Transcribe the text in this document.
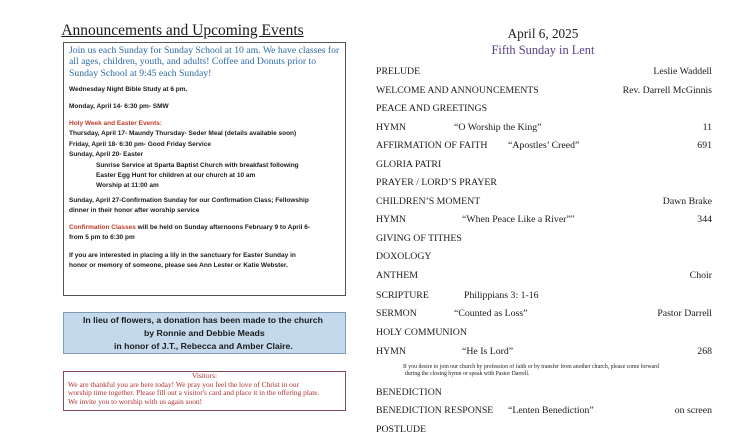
Announcements and Upcoming Events
Join us each Sunday for Sunday School at 10 am. We have classes for
all ages, children, youth, and adults! Coffee and Donuts prior to
Sunday School at 9:45 each Sunday!
Wednesday Night Bible Study at 6 pm.
Monday, April 14- 6:30 pm- SMW
Holy Week and Easter Events:
Thursday, April 17- Maundy Thursday- Seder Meal (details available soon)
Friday, April 18- 6:30 pm- Good Friday Service
Sunday, April 20- Easter
Sunrise Service at Sparta Baptist Church with breakfast following
Easter Egg Hunt for children at our church at 10 am
Worship at 11:00 am
Sunday, April 27-Confirmation Sunday for our Confirmation Class; Fellowship
dinner in their honor after worship service
Confirmation Classes will be held on Sunday afternoons February 9 to April 6-
from 5 pm to 6:30 pm
If you are interested in placing a lily in the sanctuary for Easter Sunday in
honor or memory of someone, please see Ann Lester or Katie Webster.
In lieu of flowers, a donation has been made to the church
by Ronnie and Debbie Meads
in honor of J.T., Rebecca and Amber Claire.
Visitors:
We are thankful you are here today! We pray you feel the love of Christ in our
worship time together. Please fill out a visitor's card and place it in the offering plate.
We invite you to worship with us again soon!
April 6, 2025
Fifth Sunday in Lent
PRELUDE	Leslie Waddell
WELCOME AND ANNOUNCEMENTS	Rev. Darrell McGinnis
PEACE AND GREETINGS
HYMN	“O Worship the King”	11
AFFIRMATION OF FAITH “Apostles’ Creed”	691
GLORIA PATRI
PRAYER / LORD’S PRAYER
CHILDREN’S MOMENT	Dawn Brake
HYMN	“When Peace Like a River”"	344
GIVING OF TITHES
DOXOLOGY
ANTHEM	Choir
SCRIPTURE	Philippians 3: 1-16
SERMON	“Counted as Loss”	Pastor Darrell
HOLY COMMUNION
HYMN	“He Is Lord”	268
If you desire to join our church by profession of faith or by transfer from another church, please come forward
during the closing hymn or speak with Pastor Darrell.
BENEDICTION
BENEDICTION RESPONSE “Lenten Benediction”	on screen
POSTLUDE
